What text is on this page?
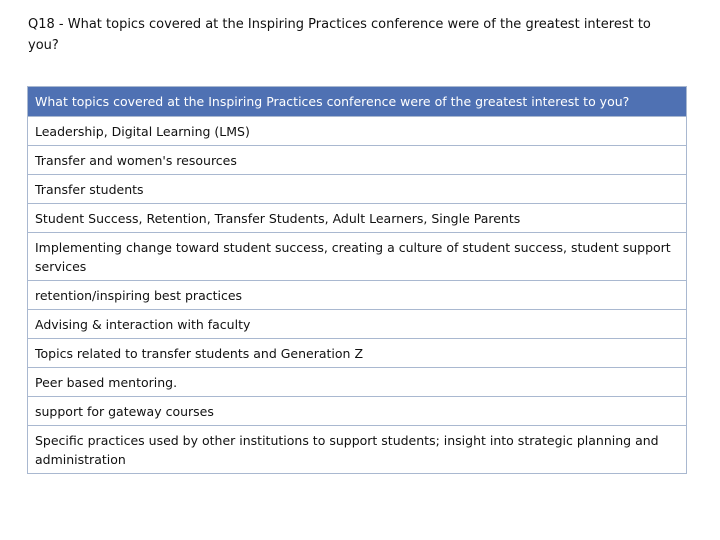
Q18 - What topics covered at the Inspiring Practices conference were of the greatest interest to you?

What topics covered at the Inspiring Practices conference were of the greatest interest to you?
Leadership, Digital Learning (LMS)
Transfer and women's resources
Transfer students
Student Success, Retention, Transfer Students, Adult Learners, Single Parents
Implementing change toward student success, creating a culture of student success, student support services
retention/inspiring best practices
Advising & interaction with faculty
Topics related to transfer students and Generation Z
Peer based mentoring.
support for gateway courses
Specific practices used by other institutions to support students; insight into strategic planning and administration
